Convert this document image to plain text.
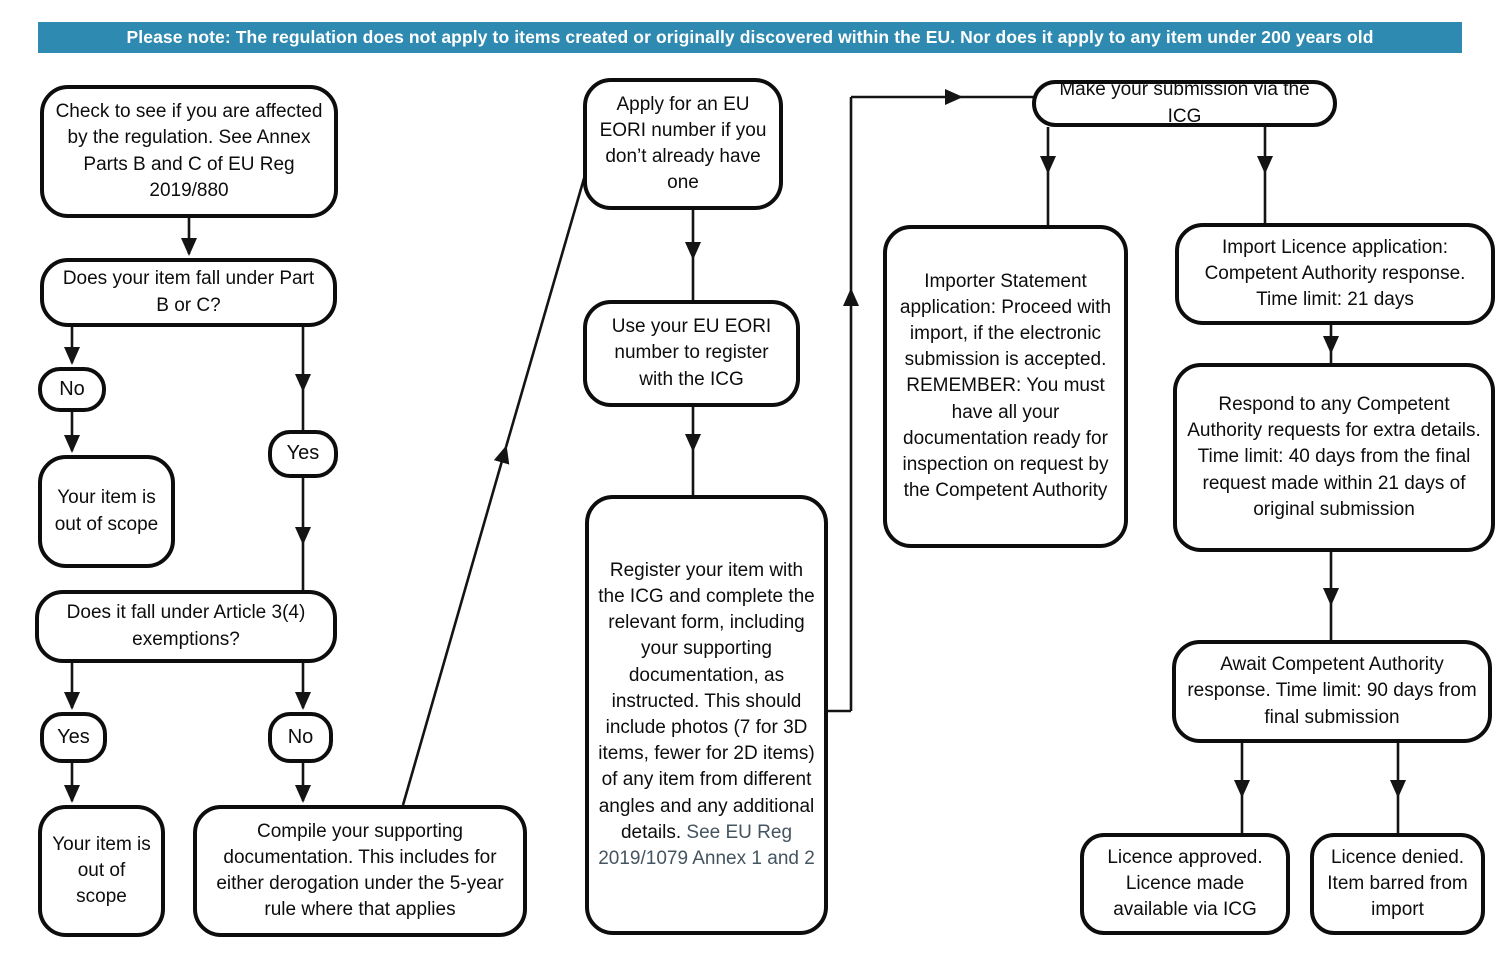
Please note: The regulation does not apply to items created or originally discovered within the EU. Nor does it apply to any item under 200 years old
Check to see if you are affected by the regulation. See Annex Parts B and C of EU Reg 2019/880
Does your item fall under Part B or C?
No
Yes
Your item is out of scope
Does it fall under Article 3(4) exemptions?
Yes	No
Your item is out of scope
Compile your supporting documentation. This includes for either derogation under the 5-year rule where that applies
Apply for an EU EORI number if you don’t already have one
Use your EU EORI number to register with the ICG
Register your item with the ICG and complete the relevant form, including your supporting documentation, as instructed. This should include photos (7 for 3D items, fewer for 2D items) of any item from different angles and any additional details. See EU Reg 2019/1079 Annex 1 and 2
Make your submission via the ICG
Importer Statement application: Proceed with import, if the electronic submission is accepted. REMEMBER: You must have all your documentation ready for inspection on request by the Competent Authority
Import Licence application: Competent Authority response. Time limit: 21 days
Respond to any Competent Authority requests for extra details. Time limit: 40 days from the final request made within 21 days of original submission
Await Competent Authority response. Time limit: 90 days from final submission
Licence approved. Licence made available via ICG
Licence denied. Item barred from import
